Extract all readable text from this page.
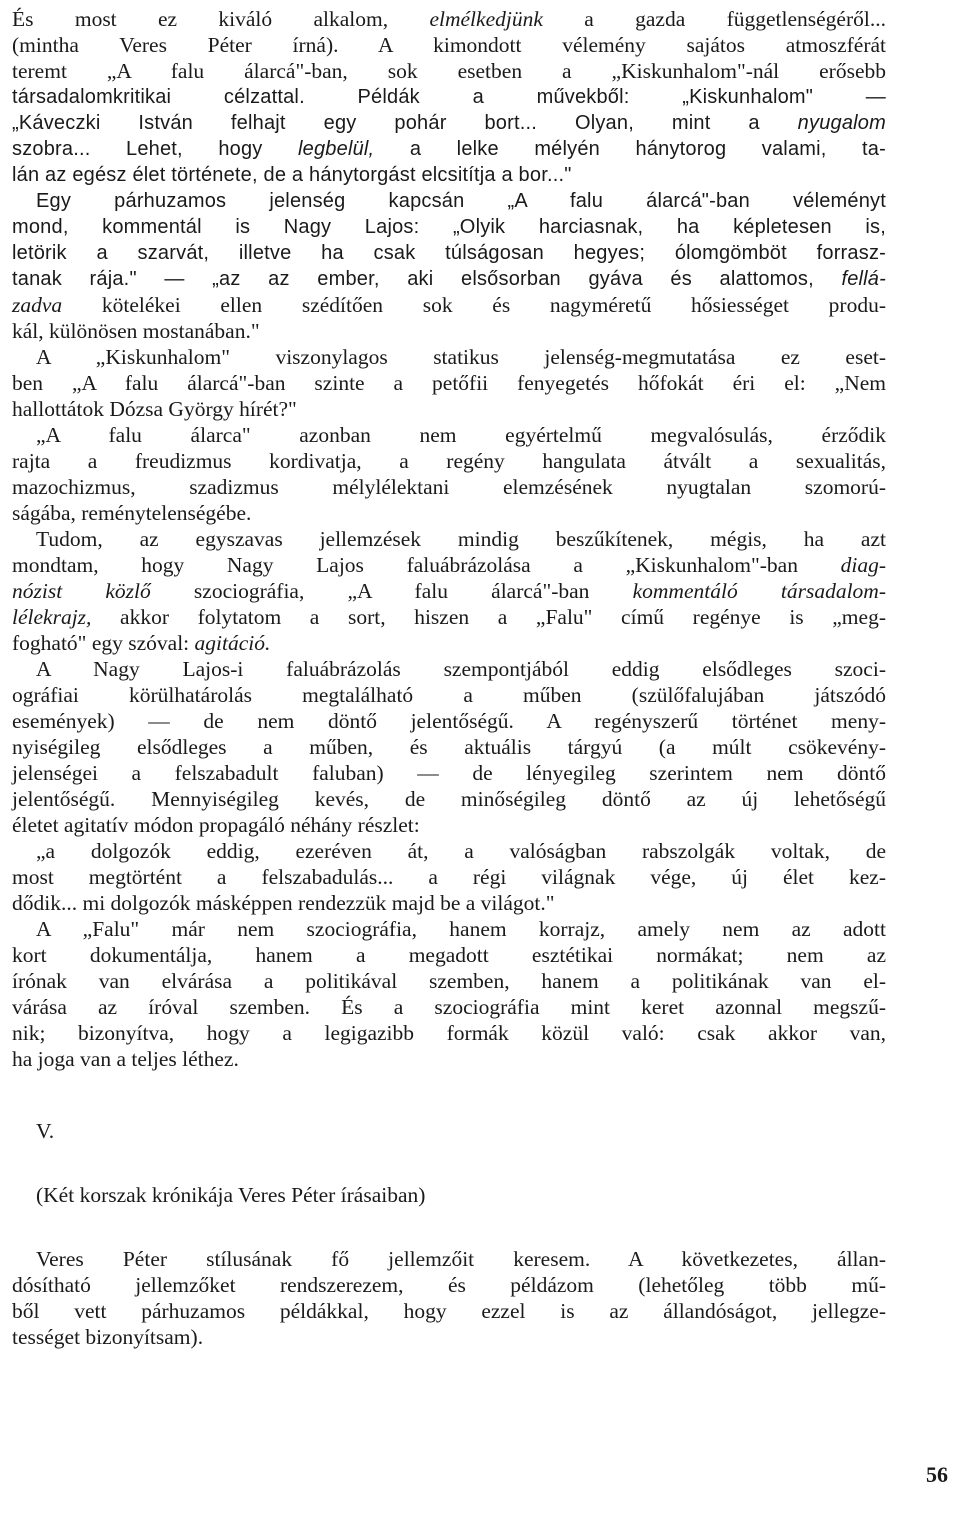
És most ez kiváló alkalom, elmélkedjünk a gazda függetlenségéről...
(mintha Veres Péter írná). A kimondott vélemény sajátos atmoszférát
teremt „A falu álarcá"-ban, sok esetben a „Kiskunhalom"-nál erősebb
társadalomkritikai célzattal. Példák a művekből: „Kiskunhalom" —
„Káveczki István felhajt egy pohár bort... Olyan, mint a nyugalom
szobra... Lehet, hogy legbelül, a lelke mélyén hánytorog valami, ta-
lán az egész élet története, de a hánytorgást elcsitítja a bor..."
Egy párhuzamos jelenség kapcsán „A falu álarcá"-ban véleményt
mond, kommentál is Nagy Lajos: „Olyik harciasnak, ha képletesen is,
letörik a szarvát, illetve ha csak túlságosan hegyes; ólomgömböt forrasz-
tanak rája." — „az az ember, aki elsősorban gyáva és alattomos, fellá-
zadva kötelékei ellen szédítően sok és nagyméretű hősiességet produ-
kál, különösen mostanában."
A „Kiskunhalom" viszonylagos statikus jelenség-megmutatása ez eset-
ben „A falu álarcá"-ban szinte a petőfii fenyegetés hőfokát éri el: „Nem
hallottátok Dózsa György hírét?"
„A falu álarca" azonban nem egyértelmű megvalósulás, érződik
rajta a freudizmus kordivatja, a regény hangulata átvált a sexualitás,
mazochizmus, szadizmus mélylélektani elemzésének nyugtalan szomorú-
ságába, reménytelenségébe.
Tudom, az egyszavas jellemzések mindig beszűkítenek, mégis, ha azt
mondtam, hogy Nagy Lajos faluábrázolása a „Kiskunhalom"-ban diag-
nózist közlő szociográfia, „A falu álarcá"-ban kommentáló társadalom-
lélekrajz, akkor folytatom a sort, hiszen a „Falu" című regénye is „meg-
fogható" egy szóval: agitáció.
A Nagy Lajos-i faluábrázolás szempontjából eddig elsődleges szoci-
ográfiai körülhatárolás megtalálható a műben (szülőfalujában játszódó
események) — de nem döntő jelentőségű. A regényszerű történet meny-
nyiségileg elsődleges a műben, és aktuális tárgyú (a múlt csökevény-
jelenségei a felszabadult faluban) — de lényegileg szerintem nem döntő
jelentőségű. Mennyiségileg kevés, de minőségileg döntő az új lehetőségű
életet agitatív módon propagáló néhány részlet:
„a dolgozók eddig, ezeréven át, a valóságban rabszolgák voltak, de
most megtörtént a felszabadulás... a régi világnak vége, új élet kez-
dődik... mi dolgozók másképpen rendezzük majd be a világot."
A „Falu" már nem szociográfia, hanem korrajz, amely nem az adott
kort dokumentálja, hanem a megadott esztétikai normákat; nem az
írónak van elvárása a politikával szemben, hanem a politikának van el-
várása az íróval szemben. És a szociográfia mint keret azonnal megszű-
nik; bizonyítva, hogy a legigazibb formák közül való: csak akkor van,
ha joga van a teljes léthez.
V.
(Két korszak krónikája Veres Péter írásaiban)
Veres Péter stílusának fő jellemzőit keresem. A következetes, állan-
dósítható jellemzőket rendszerezem, és példázom (lehetőleg több mű-
ből vett párhuzamos példákkal, hogy ezzel is az állandóságot, jellegze-
tességet bizonyítsam).
56
